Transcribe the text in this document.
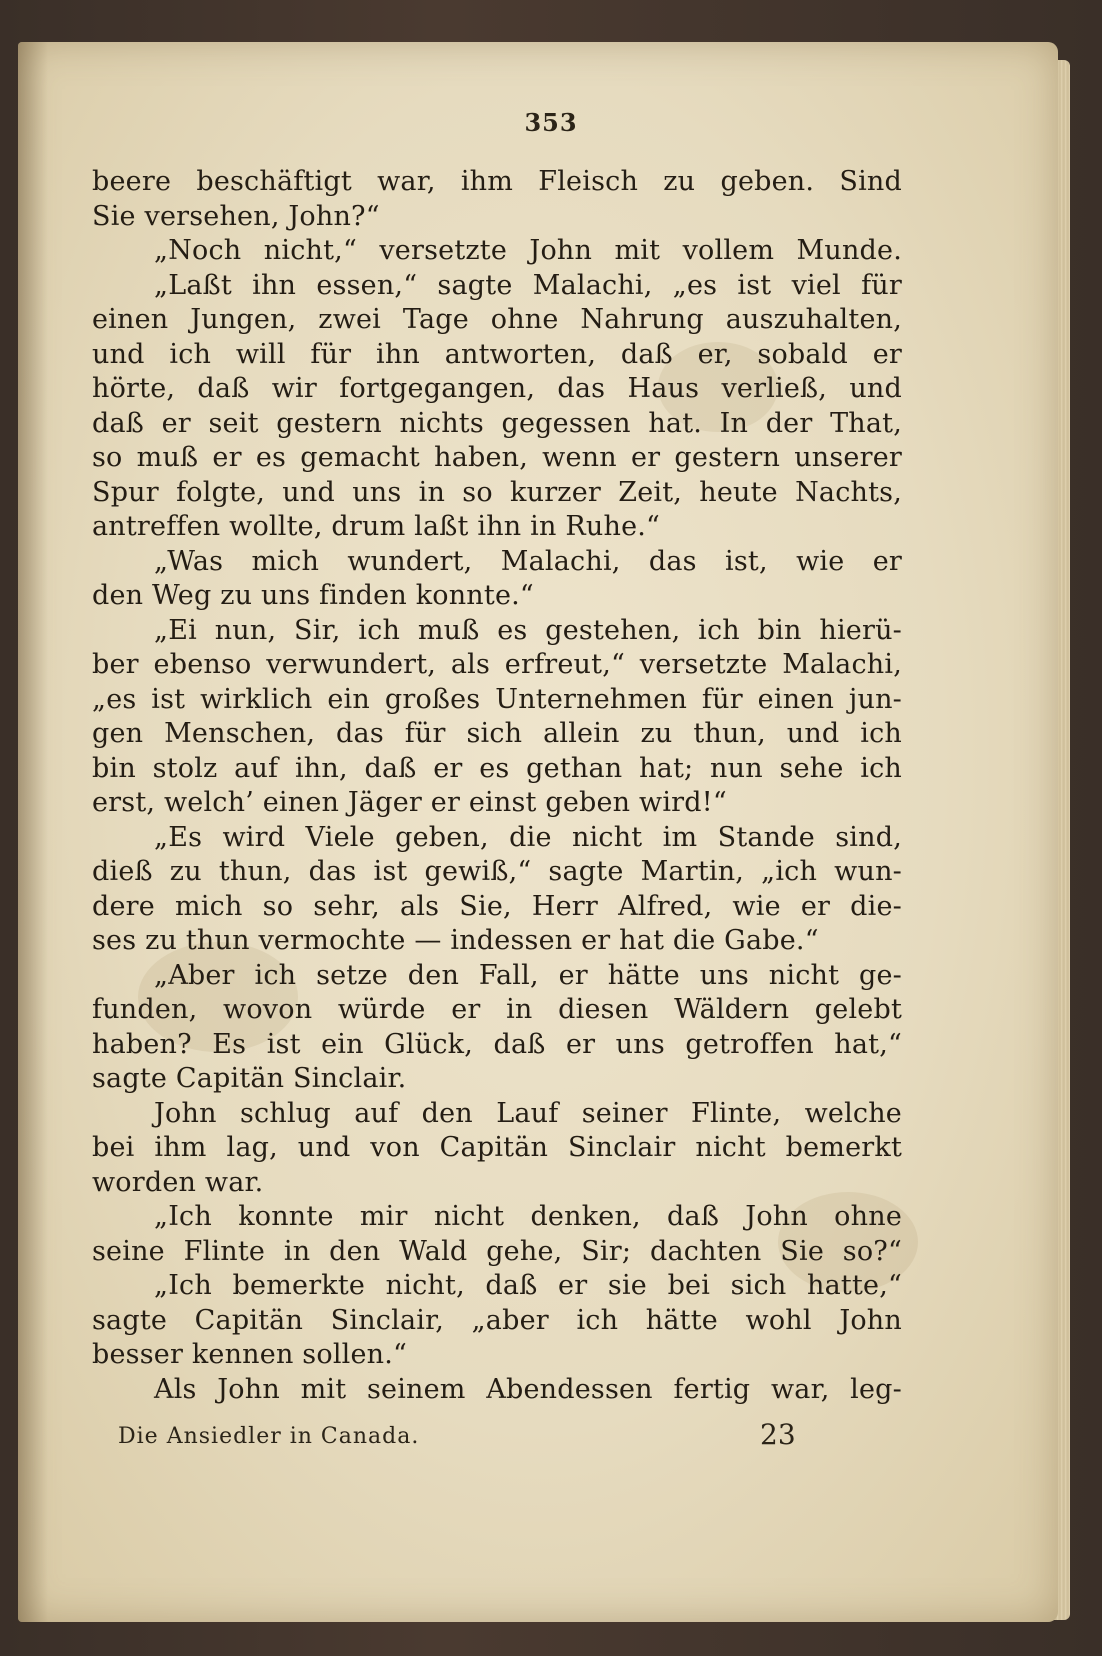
353
beere beschäftigt war, ihm Fleisch zu geben. Sind
Sie versehen, John?“
„Noch nicht,“ versetzte John mit vollem Munde.
„Laßt ihn essen,“ sagte Malachi, „es ist viel für
einen Jungen, zwei Tage ohne Nahrung auszuhalten,
und ich will für ihn antworten, daß er, sobald er
hörte, daß wir fortgegangen, das Haus verließ, und
daß er seit gestern nichts gegessen hat. In der That,
so muß er es gemacht haben, wenn er gestern unserer
Spur folgte, und uns in so kurzer Zeit, heute Nachts,
antreffen wollte, drum laßt ihn in Ruhe.“
„Was mich wundert, Malachi, das ist, wie er
den Weg zu uns finden konnte.“
„Ei nun, Sir, ich muß es gestehen, ich bin hierü-
ber ebenso verwundert, als erfreut,“ versetzte Malachi,
„es ist wirklich ein großes Unternehmen für einen jun-
gen Menschen, das für sich allein zu thun, und ich
bin stolz auf ihn, daß er es gethan hat; nun sehe ich
erst, welch’ einen Jäger er einst geben wird!“
„Es wird Viele geben, die nicht im Stande sind,
dieß zu thun, das ist gewiß,“ sagte Martin, „ich wun-
dere mich so sehr, als Sie, Herr Alfred, wie er die-
ses zu thun vermochte — indessen er hat die Gabe.“
„Aber ich setze den Fall, er hätte uns nicht ge-
funden, wovon würde er in diesen Wäldern gelebt
haben? Es ist ein Glück, daß er uns getroffen hat,“
sagte Capitän Sinclair.
John schlug auf den Lauf seiner Flinte, welche
bei ihm lag, und von Capitän Sinclair nicht bemerkt
worden war.
„Ich konnte mir nicht denken, daß John ohne
seine Flinte in den Wald gehe, Sir; dachten Sie so?“
„Ich bemerkte nicht, daß er sie bei sich hatte,“
sagte Capitän Sinclair, „aber ich hätte wohl John
besser kennen sollen.“
Als John mit seinem Abendessen fertig war, leg-
Die Ansiedler in Canada.	23
